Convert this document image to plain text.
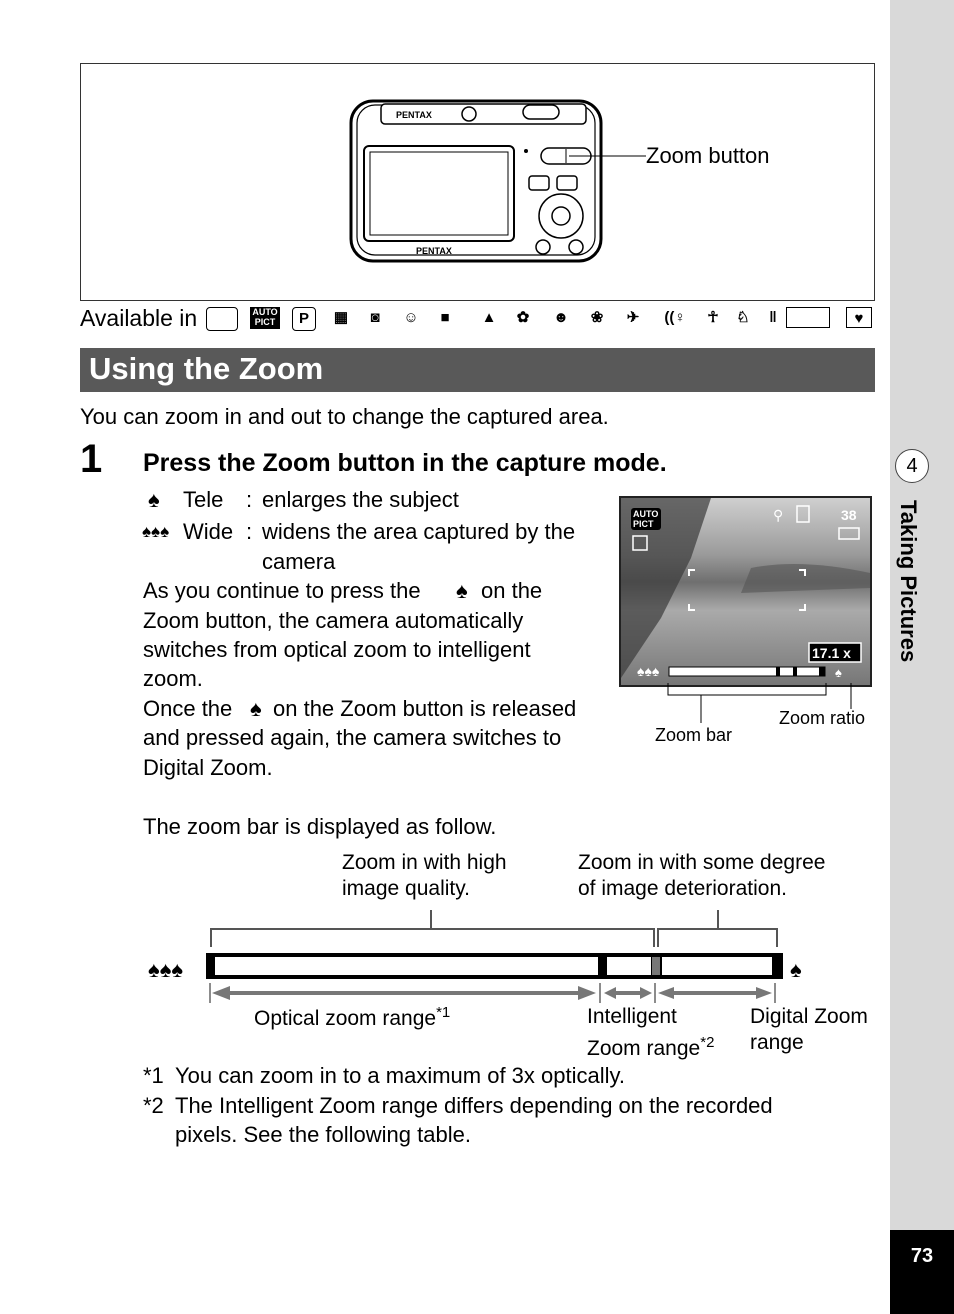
4
Taking Pictures
73
PENTAX
PENTAX
Zoom button
Available in	AUTO
PICT	P	▦	◙	☺	■	▲	✿	☻	❀	✈	((♀	☥	♘	‖	♥
Using the Zoom
You can zoom in and out to change the captured area.
1 Press the Zoom button in the capture mode.
♠ Tele : enlarges the subject
♠♠♠ Wide : widens the area captured by the
camera
As you continue to press the ♠ on the
Zoom button, the camera automatically
switches from optical zoom to intelligent
zoom.
Once the ♠ on the Zoom button is released
and pressed again, the camera switches to
Digital Zoom.
AUTO
PICT
38
⚲
17.1 x
♠♠♠	♠
Zoom ratio
Zoom bar
The zoom bar is displayed as follow.
Zoom in with high
image quality.
Zoom in with some degree
of image deterioration.
♠♠♠	♠
Optical zoom range$^{*1}$	Intelligent
Zoom range$^{*2}$
Digital Zoom
range
*1 You can zoom in to a maximum of 3x optically.
*2 The Intelligent Zoom range differs depending on the recorded
pixels. See the following table.
